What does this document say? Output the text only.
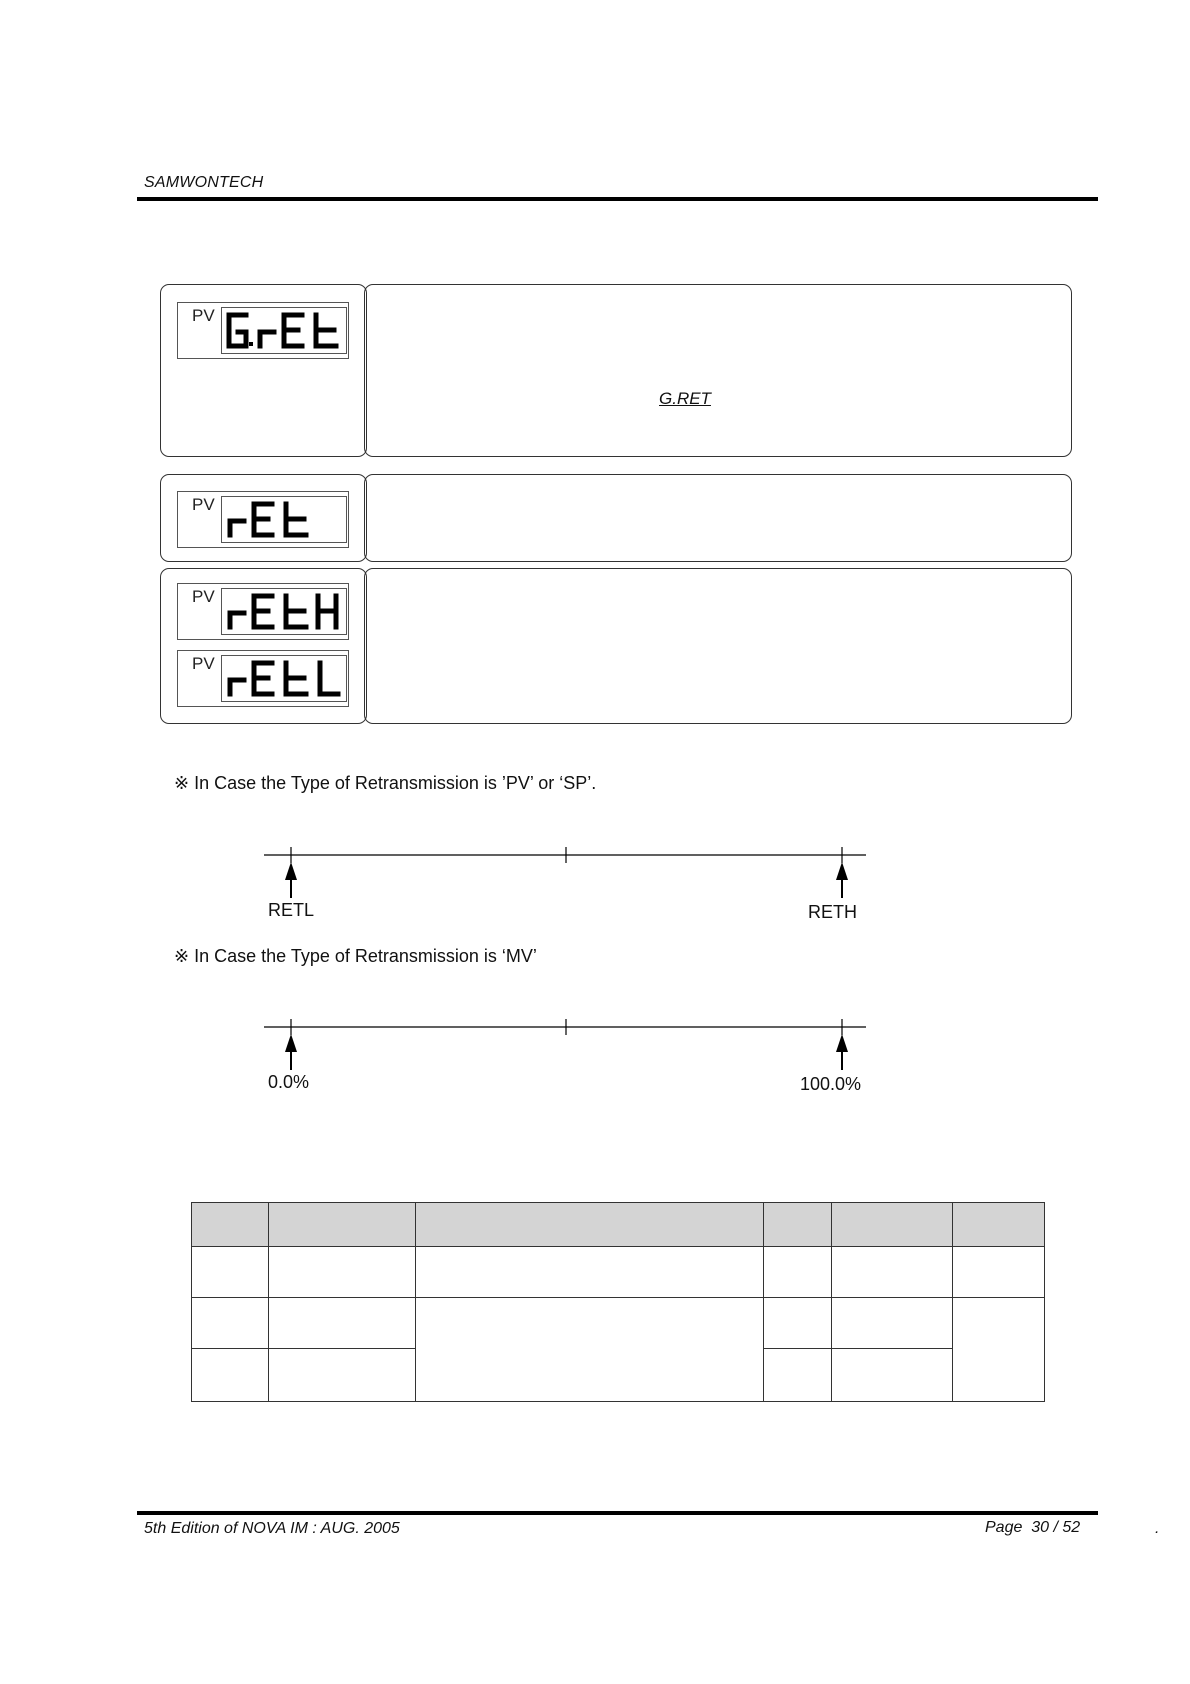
SAMWONTECH
PV
G.RET
PV
PV
PV
※ In Case the Type of Retransmission is ’PV’ or ‘SP’.
RETL	RETH
※ In Case the Type of Retransmission is ‘MV’
0.0%	100.0%

5th Edition of NOVA IM : AUG. 2005	Page  30 / 52	.
